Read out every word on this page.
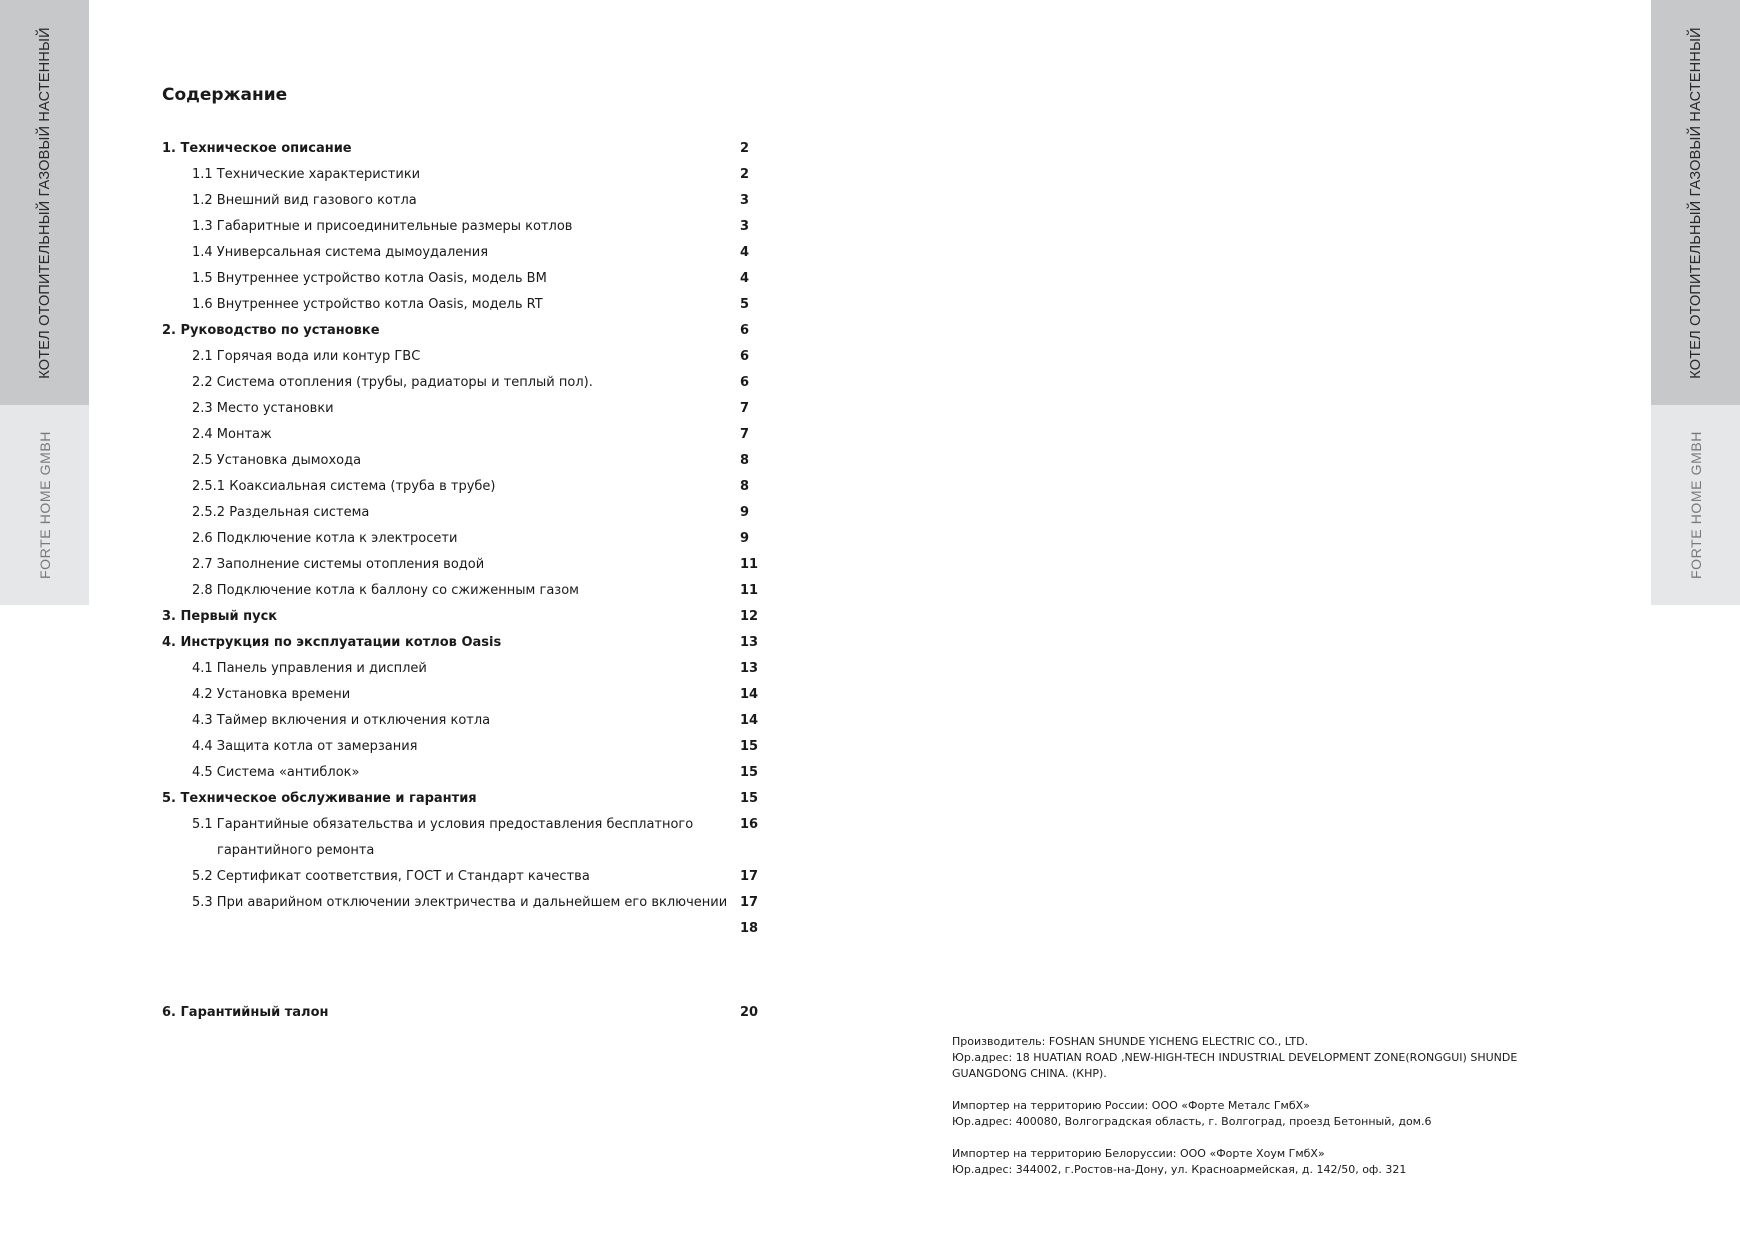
КОТЕЛ ОТОПИТЕЛЬНЫЙ ГАЗОВЫЙ НАСТЕННЫЙ
FORTE HOME GMBH
КОТЕЛ ОТОПИТЕЛЬНЫЙ ГАЗОВЫЙ НАСТЕННЫЙ
FORTE HOME GMBH
Содержание
1. Техническое описание	2
1.1 Технические характеристики	2
1.2 Внешний вид газового котла	3
1.3 Габаритные и присоединительные размеры котлов	3
1.4 Универсальная система дымоудаления	4
1.5 Внутреннее устройство котла Oasis, модель BM	4
1.6 Внутреннее устройство котла Oasis, модель RT	5
2. Руководство по установке	6
2.1 Горячая вода или контур ГВС	6
2.2 Система отопления (трубы, радиаторы и теплый пол).	6
2.3 Место установки	7
2.4 Монтаж	7
2.5 Установка дымохода	8
2.5.1 Коаксиальная система (труба в трубе)	8
2.5.2 Раздельная система	9
2.6 Подключение котла к электросети	9
2.7 Заполнение системы отопления водой	11
2.8 Подключение котла к баллону со сжиженным газом	11
3. Первый пуск	12
4. Инструкция по эксплуатации котлов Oasis	13
4.1 Панель управления и дисплей	13
4.2 Установка времени	14
4.3 Таймер включения и отключения котла	14
4.4 Защита котла от замерзания	15
4.5 Система «антиблок»	15
5. Техническое обслуживание и гарантия	15
5.1 Гарантийные обязательства и условия предоставления бесплатного	16
гарантийного ремонта
5.2 Сертификат соответствия, ГОСТ и Стандарт качества	17
5.3 При аварийном отключении электричества и дальнейшем его включении 17
18
6. Гарантийный талон	20

Производитель: FOSHAN SHUNDE YICHENG ELECTRIC CO., LTD.
Юр.адрес: 18 HUATIAN ROAD ,NEW-HIGH-TECH INDUSTRIAL DEVELOPMENT ZONE(RONGGUI) SHUNDE
GUANGDONG CHINA. (КНР).

Импортер на территорию России: ООО «Форте Металс ГмбХ»
Юр.адрес: 400080, Волгоградская область, г. Волгоград, проезд Бетонный, дом.6

Импортер на территорию Белоруссии: ООО «Форте Хоум ГмбХ»
Юр.адрес: 344002, г.Ростов-на-Дону, ул. Красноармейская, д. 142/50, оф. 321
